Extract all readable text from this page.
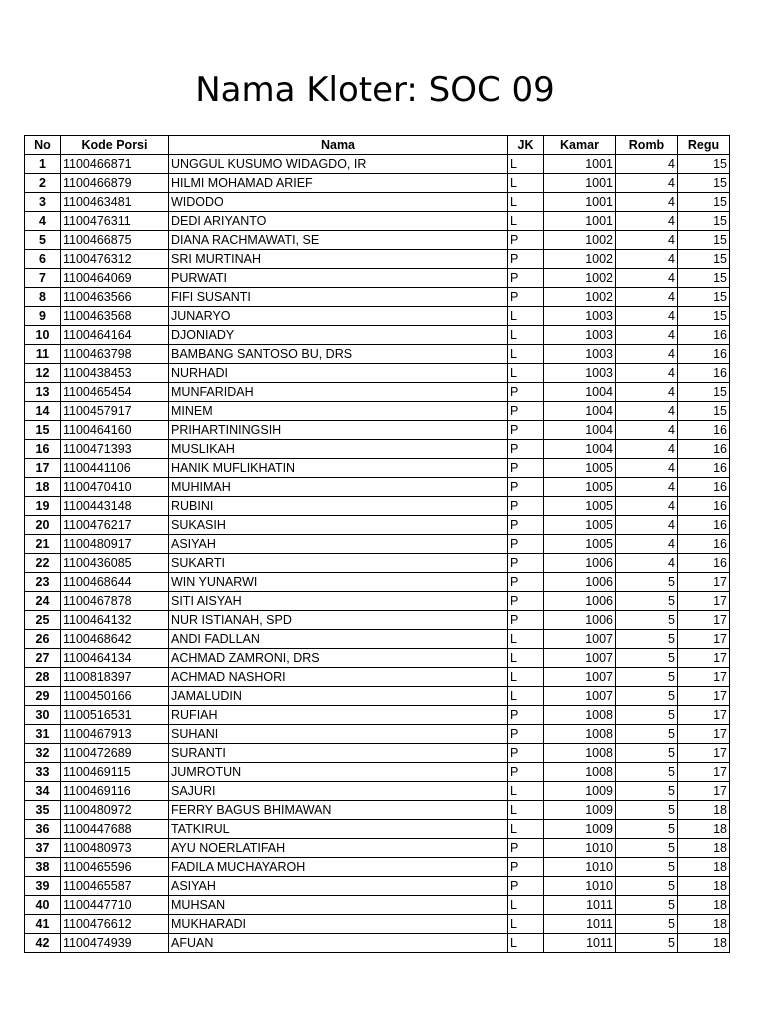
Nama Kloter: SOC 09
No	Kode Porsi	Nama	JK	Kamar	Romb	Regu
1	1100466871	UNGGUL KUSUMO WIDAGDO, IR	L	1001	4	15
2	1100466879	HILMI MOHAMAD ARIEF	L	1001	4	15
3	1100463481	WIDODO	L	1001	4	15
4	1100476311	DEDI ARIYANTO	L	1001	4	15
5	1100466875	DIANA RACHMAWATI, SE	P	1002	4	15
6	1100476312	SRI MURTINAH	P	1002	4	15
7	1100464069	PURWATI	P	1002	4	15
8	1100463566	FIFI SUSANTI	P	1002	4	15
9	1100463568	JUNARYO	L	1003	4	15
10	1100464164	DJONIADY	L	1003	4	16
11	1100463798	BAMBANG SANTOSO BU, DRS	L	1003	4	16
12	1100438453	NURHADI	L	1003	4	16
13	1100465454	MUNFARIDAH	P	1004	4	15
14	1100457917	MINEM	P	1004	4	15
15	1100464160	PRIHARTININGSIH	P	1004	4	16
16	1100471393	MUSLIKAH	P	1004	4	16
17	1100441106	HANIK MUFLIKHATIN	P	1005	4	16
18	1100470410	MUHIMAH	P	1005	4	16
19	1100443148	RUBINI	P	1005	4	16
20	1100476217	SUKASIH	P	1005	4	16
21	1100480917	ASIYAH	P	1005	4	16
22	1100436085	SUKARTI	P	1006	4	16
23	1100468644	WIN YUNARWI	P	1006	5	17
24	1100467878	SITI AISYAH	P	1006	5	17
25	1100464132	NUR ISTIANAH, SPD	P	1006	5	17
26	1100468642	ANDI FADLLAN	L	1007	5	17
27	1100464134	ACHMAD ZAMRONI, DRS	L	1007	5	17
28	1100818397	ACHMAD NASHORI	L	1007	5	17
29	1100450166	JAMALUDIN	L	1007	5	17
30	1100516531	RUFIAH	P	1008	5	17
31	1100467913	SUHANI	P	1008	5	17
32	1100472689	SURANTI	P	1008	5	17
33	1100469115	JUMROTUN	P	1008	5	17
34	1100469116	SAJURI	L	1009	5	17
35	1100480972	FERRY BAGUS BHIMAWAN	L	1009	5	18
36	1100447688	TATKIRUL	L	1009	5	18
37	1100480973	AYU NOERLATIFAH	P	1010	5	18
38	1100465596	FADILA MUCHAYAROH	P	1010	5	18
39	1100465587	ASIYAH	P	1010	5	18
40	1100447710	MUHSAN	L	1011	5	18
41	1100476612	MUKHARADI	L	1011	5	18
42	1100474939	AFUAN	L	1011	5	18
